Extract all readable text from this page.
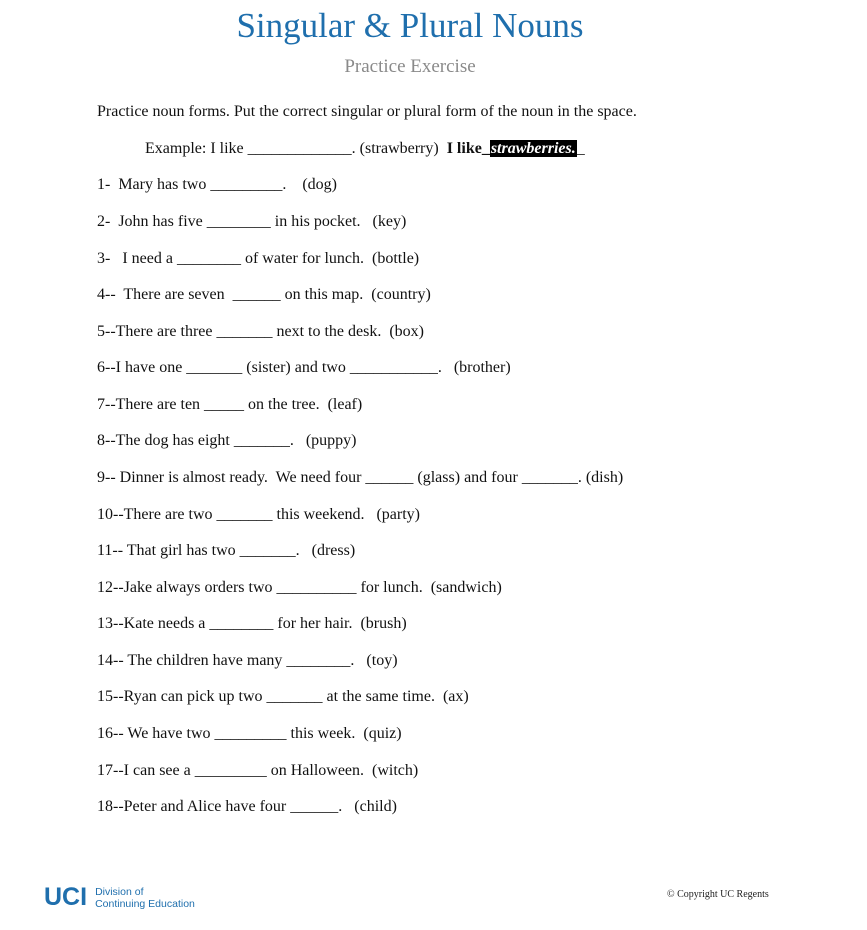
Singular & Plural Nouns
Practice Exercise
Practice noun forms. Put the correct singular or plural form of the noun in the space.
Example: I like _____________. (strawberry)  I like_strawberries._
1-  Mary has two _________.    (dog)
2-  John has five ________ in his pocket.   (key)
3-   I need a ________ of water for lunch.  (bottle)
4--  There are seven  ______ on this map.  (country)
5--There are three _______ next to the desk.  (box)
6--I have one _______ (sister) and two ___________.   (brother)
7--There are ten _____ on the tree.  (leaf)
8--The dog has eight _______.   (puppy)
9-- Dinner is almost ready.  We need four ______ (glass) and four _______. (dish)
10--There are two _______ this weekend.   (party)
11-- That girl has two _______.   (dress)
12--Jake always orders two __________ for lunch.  (sandwich)
13--Kate needs a ________ for her hair.  (brush)
14-- The children have many ________.   (toy)
15--Ryan can pick up two _______ at the same time.  (ax)
16-- We have two _________ this week.  (quiz)
17--I can see a _________ on Halloween.  (witch)
18--Peter and Alice have four ______.   (child)
UCI Division of
Continuing Education
© Copyright UC Regents
